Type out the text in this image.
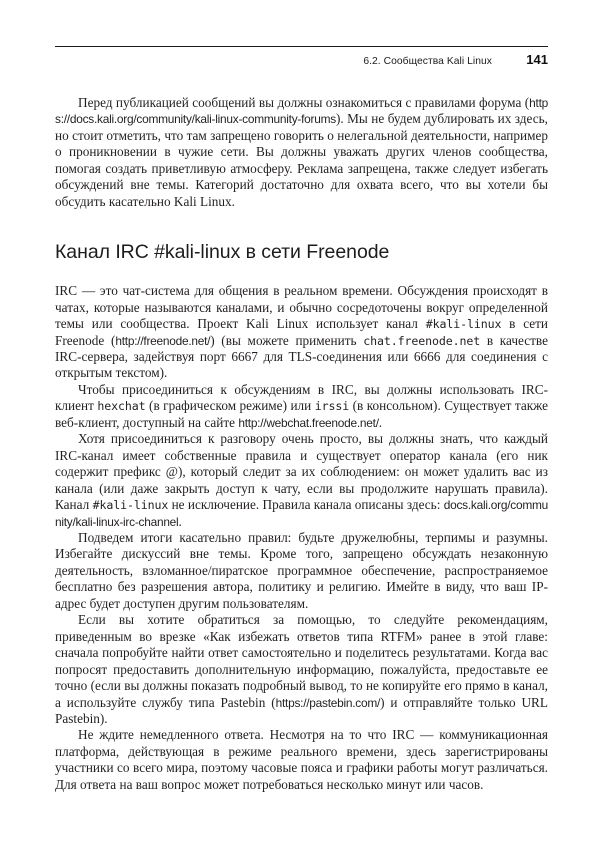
6.2. Сообщества Kali Linux	141

Перед публикацией сообщений вы должны ознакомиться с правилами форума (https://docs.kali.org/community/kali-linux-community-forums). Мы не будем дублировать их здесь, но стоит отметить, что там запрещено говорить о нелегальной деятельности, например о проникновении в чужие сети. Вы должны уважать других членов сообщества, помогая создать приветливую атмосферу. Реклама запрещена, также следует избегать обсуждений вне темы. Категорий достаточно для охвата всего, что вы хотели бы обсудить касательно Kali Linux.

Канал IRC #kali-linux в сети Freenode

IRC — это чат-система для общения в реальном времени. Обсуждения происходят в чатах, которые называются каналами, и обычно сосредоточены вокруг определенной темы или сообщества. Проект Kali Linux использует канал #kali-linux в сети Freenode (http://freenode.net/) (вы можете применить chat.freenode.net в качестве IRC-сервера, задействуя порт 6667 для TLS-соединения или 6666 для соединения с открытым текстом).

Чтобы присоединиться к обсуждениям в IRC, вы должны использовать IRC-клиент hexchat (в графическом режиме) или irssi (в консольном). Существует также веб-клиент, доступный на сайте http://webchat.freenode.net/.

Хотя присоединиться к разговору очень просто, вы должны знать, что каждый IRC-канал имеет собственные правила и существует оператор канала (его ник содержит префикс @), который следит за их соблюдением: он может удалить вас из канала (или даже закрыть доступ к чату, если вы продолжите нарушать правила). Канал #kali-linux не исключение. Правила канала описаны здесь: docs.kali.org/community/kali-linux-irc-channel.

Подведем итоги касательно правил: будьте дружелюбны, терпимы и разумны. Избегайте дискуссий вне темы. Кроме того, запрещено обсуждать незаконную деятельность, взломанное/пиратское программное обеспечение, распространяемое бесплатно без разрешения автора, политику и религию. Имейте в виду, что ваш IP-адрес будет доступен другим пользователям.

Если вы хотите обратиться за помощью, то следуйте рекомендациям, приведенным во врезке «Как избежать ответов типа RTFM» ранее в этой главе: сначала попробуйте найти ответ самостоятельно и поделитесь результатами. Когда вас попросят предоставить дополнительную информацию, пожалуйста, предоставьте ее точно (если вы должны показать подробный вывод, то не копируйте его прямо в канал, а используйте службу типа Pastebin (https://pastebin.com/) и отправляйте только URL Pastebin).

Не ждите немедленного ответа. Несмотря на то что IRC — коммуникационная платформа, действующая в режиме реального времени, здесь зарегистрированы участники со всего мира, поэтому часовые пояса и графики работы могут различаться. Для ответа на ваш вопрос может потребоваться несколько минут или часов.
